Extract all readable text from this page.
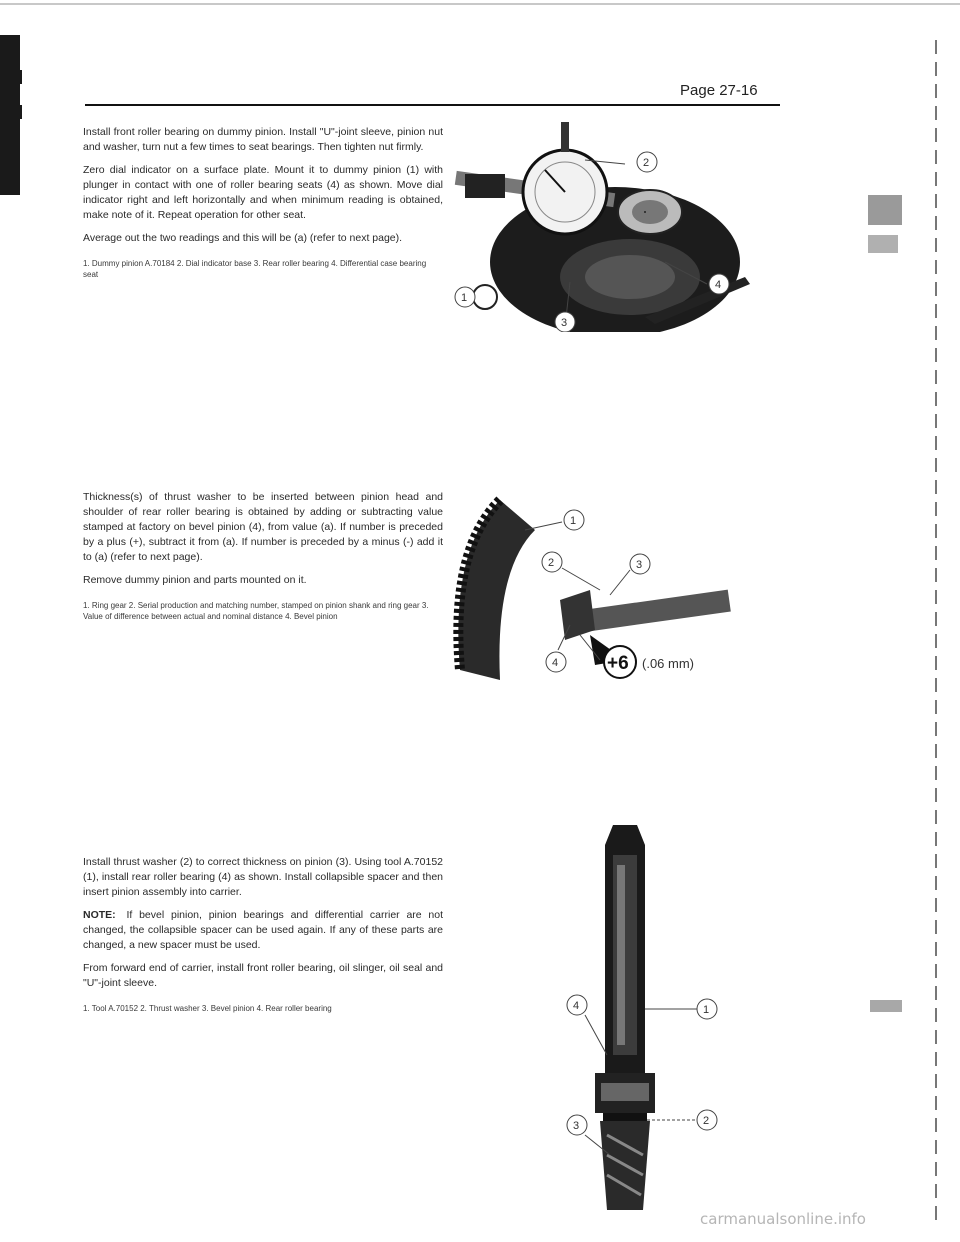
Page 27-16

Install front roller bearing on dummy pinion. Install "U"-joint sleeve, pinion nut and washer, turn nut a few times to seat bearings. Then tighten nut firmly.

Zero dial indicator on a surface plate. Mount it to dummy pinion (1) with plunger in contact with one of roller bearing seats (4) as shown. Move dial indicator right and left horizontally and when minimum reading is obtained, make note of it. Repeat operation for other seat.

Average out the two readings and this will be (a) (refer to next page).

1. Dummy pinion A.70184 2. Dial indicator base 3. Rear roller bearing 4. Differential case bearing seat

Thickness(s) of thrust washer to be inserted between pinion head and shoulder of rear roller bearing is obtained by adding or subtracting value stamped at factory on bevel pinion (4), from value (a). If number is preceded by a plus (+), subtract it from (a). If number is preceded by a minus (-) add it to (a) (refer to next page).

Remove dummy pinion and parts mounted on it.

1. Ring gear 2. Serial production and matching number, stamped on pinion shank and ring gear 3. Value of difference between actual and nominal distance 4. Bevel pinion

Install thrust washer (2) to correct thickness on pinion (3). Using tool A.70152 (1), install rear roller bearing (4) as shown. Install collapsible spacer and then insert pinion assembly into carrier.

NOTE: If bevel pinion, pinion bearings and differential carrier are not changed, the collapsible spacer can be used again. If any of these parts are changed, a new spacer must be used.

From forward end of carrier, install front roller bearing, oil slinger, oil seal and "U"-joint sleeve.

1. Tool A.70152 2. Thrust washer 3. Bevel pinion 4. Rear roller bearing

2
4
1
3
1
2	3
4	+6 (.06 mm)
4	1
3	2
carmanualsonline.info
